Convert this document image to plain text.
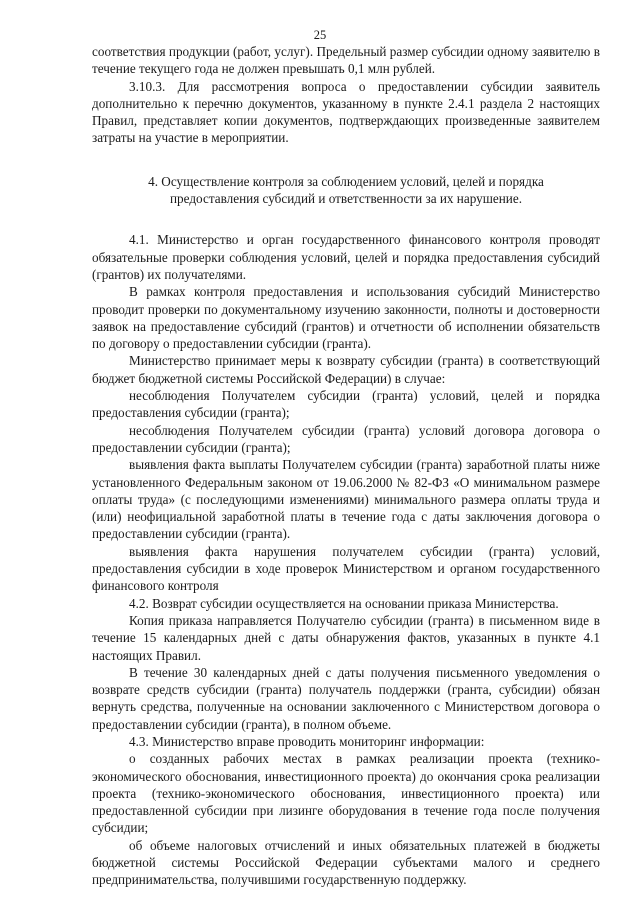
25

соответствия продукции (работ, услуг). Предельный размер субсидии одному заявителю в течение текущего года не должен превышать 0,1 млн рублей.

3.10.3. Для рассмотрения вопроса о предоставлении субсидии заявитель дополнительно к перечню документов, указанному в пункте 2.4.1 раздела 2 настоящих Правил, представляет копии документов, подтверждающих произведенные заявителем затраты на участие в мероприятии.

4. Осуществление контроля за соблюдением условий, целей и порядка предоставления субсидий и ответственности за их нарушение.

4.1. Министерство и орган государственного финансового контроля проводят обязательные проверки соблюдения условий, целей и порядка предоставления субсидий (грантов) их получателями.

В рамках контроля предоставления и использования субсидий Министерство проводит проверки по документальному изучению законности, полноты и достоверности заявок на предоставление субсидий (грантов) и отчетности об исполнении обязательств по договору о предоставлении субсидии (гранта).

Министерство принимает меры к возврату субсидии (гранта) в соответствующий бюджет бюджетной системы Российской Федерации) в случае:

несоблюдения Получателем субсидии (гранта) условий, целей и порядка предоставления субсидии (гранта);

несоблюдения Получателем субсидии (гранта) условий договора договора о предоставлении субсидии (гранта);

выявления факта выплаты Получателем субсидии (гранта) заработной платы ниже установленного Федеральным законом от 19.06.2000 № 82-ФЗ «О минимальном размере оплаты труда» (с последующими изменениями) минимального размера оплаты труда и (или) неофициальной заработной платы в течение года с даты заключения договора о предоставлении субсидии (гранта).

выявления факта нарушения получателем субсидии (гранта) условий, предоставления субсидии в ходе проверок Министерством и органом государственного финансового контроля

4.2. Возврат субсидии осуществляется на основании приказа Министерства.

Копия приказа направляется Получателю субсидии (гранта) в письменном виде в течение 15 календарных дней с даты обнаружения фактов, указанных в пункте 4.1 настоящих Правил.

В течение 30 календарных дней с даты получения письменного уведомления о возврате средств субсидии (гранта) получатель поддержки (гранта, субсидии) обязан вернуть средства, полученные на основании заключенного с Министерством договора о предоставлении субсидии (гранта), в полном объеме.

4.3. Министерство вправе проводить мониторинг информации:

о созданных рабочих местах в рамках реализации проекта (технико-экономического обоснования, инвестиционного проекта) до окончания срока реализации проекта (технико-экономического обоснования, инвестиционного проекта) или предоставленной субсидии при лизинге оборудования в течение года после получения субсидии;

об объеме налоговых отчислений и иных обязательных платежей в бюджеты бюджетной системы Российской Федерации субъектами малого и среднего предпринимательства, получившими государственную поддержку.
